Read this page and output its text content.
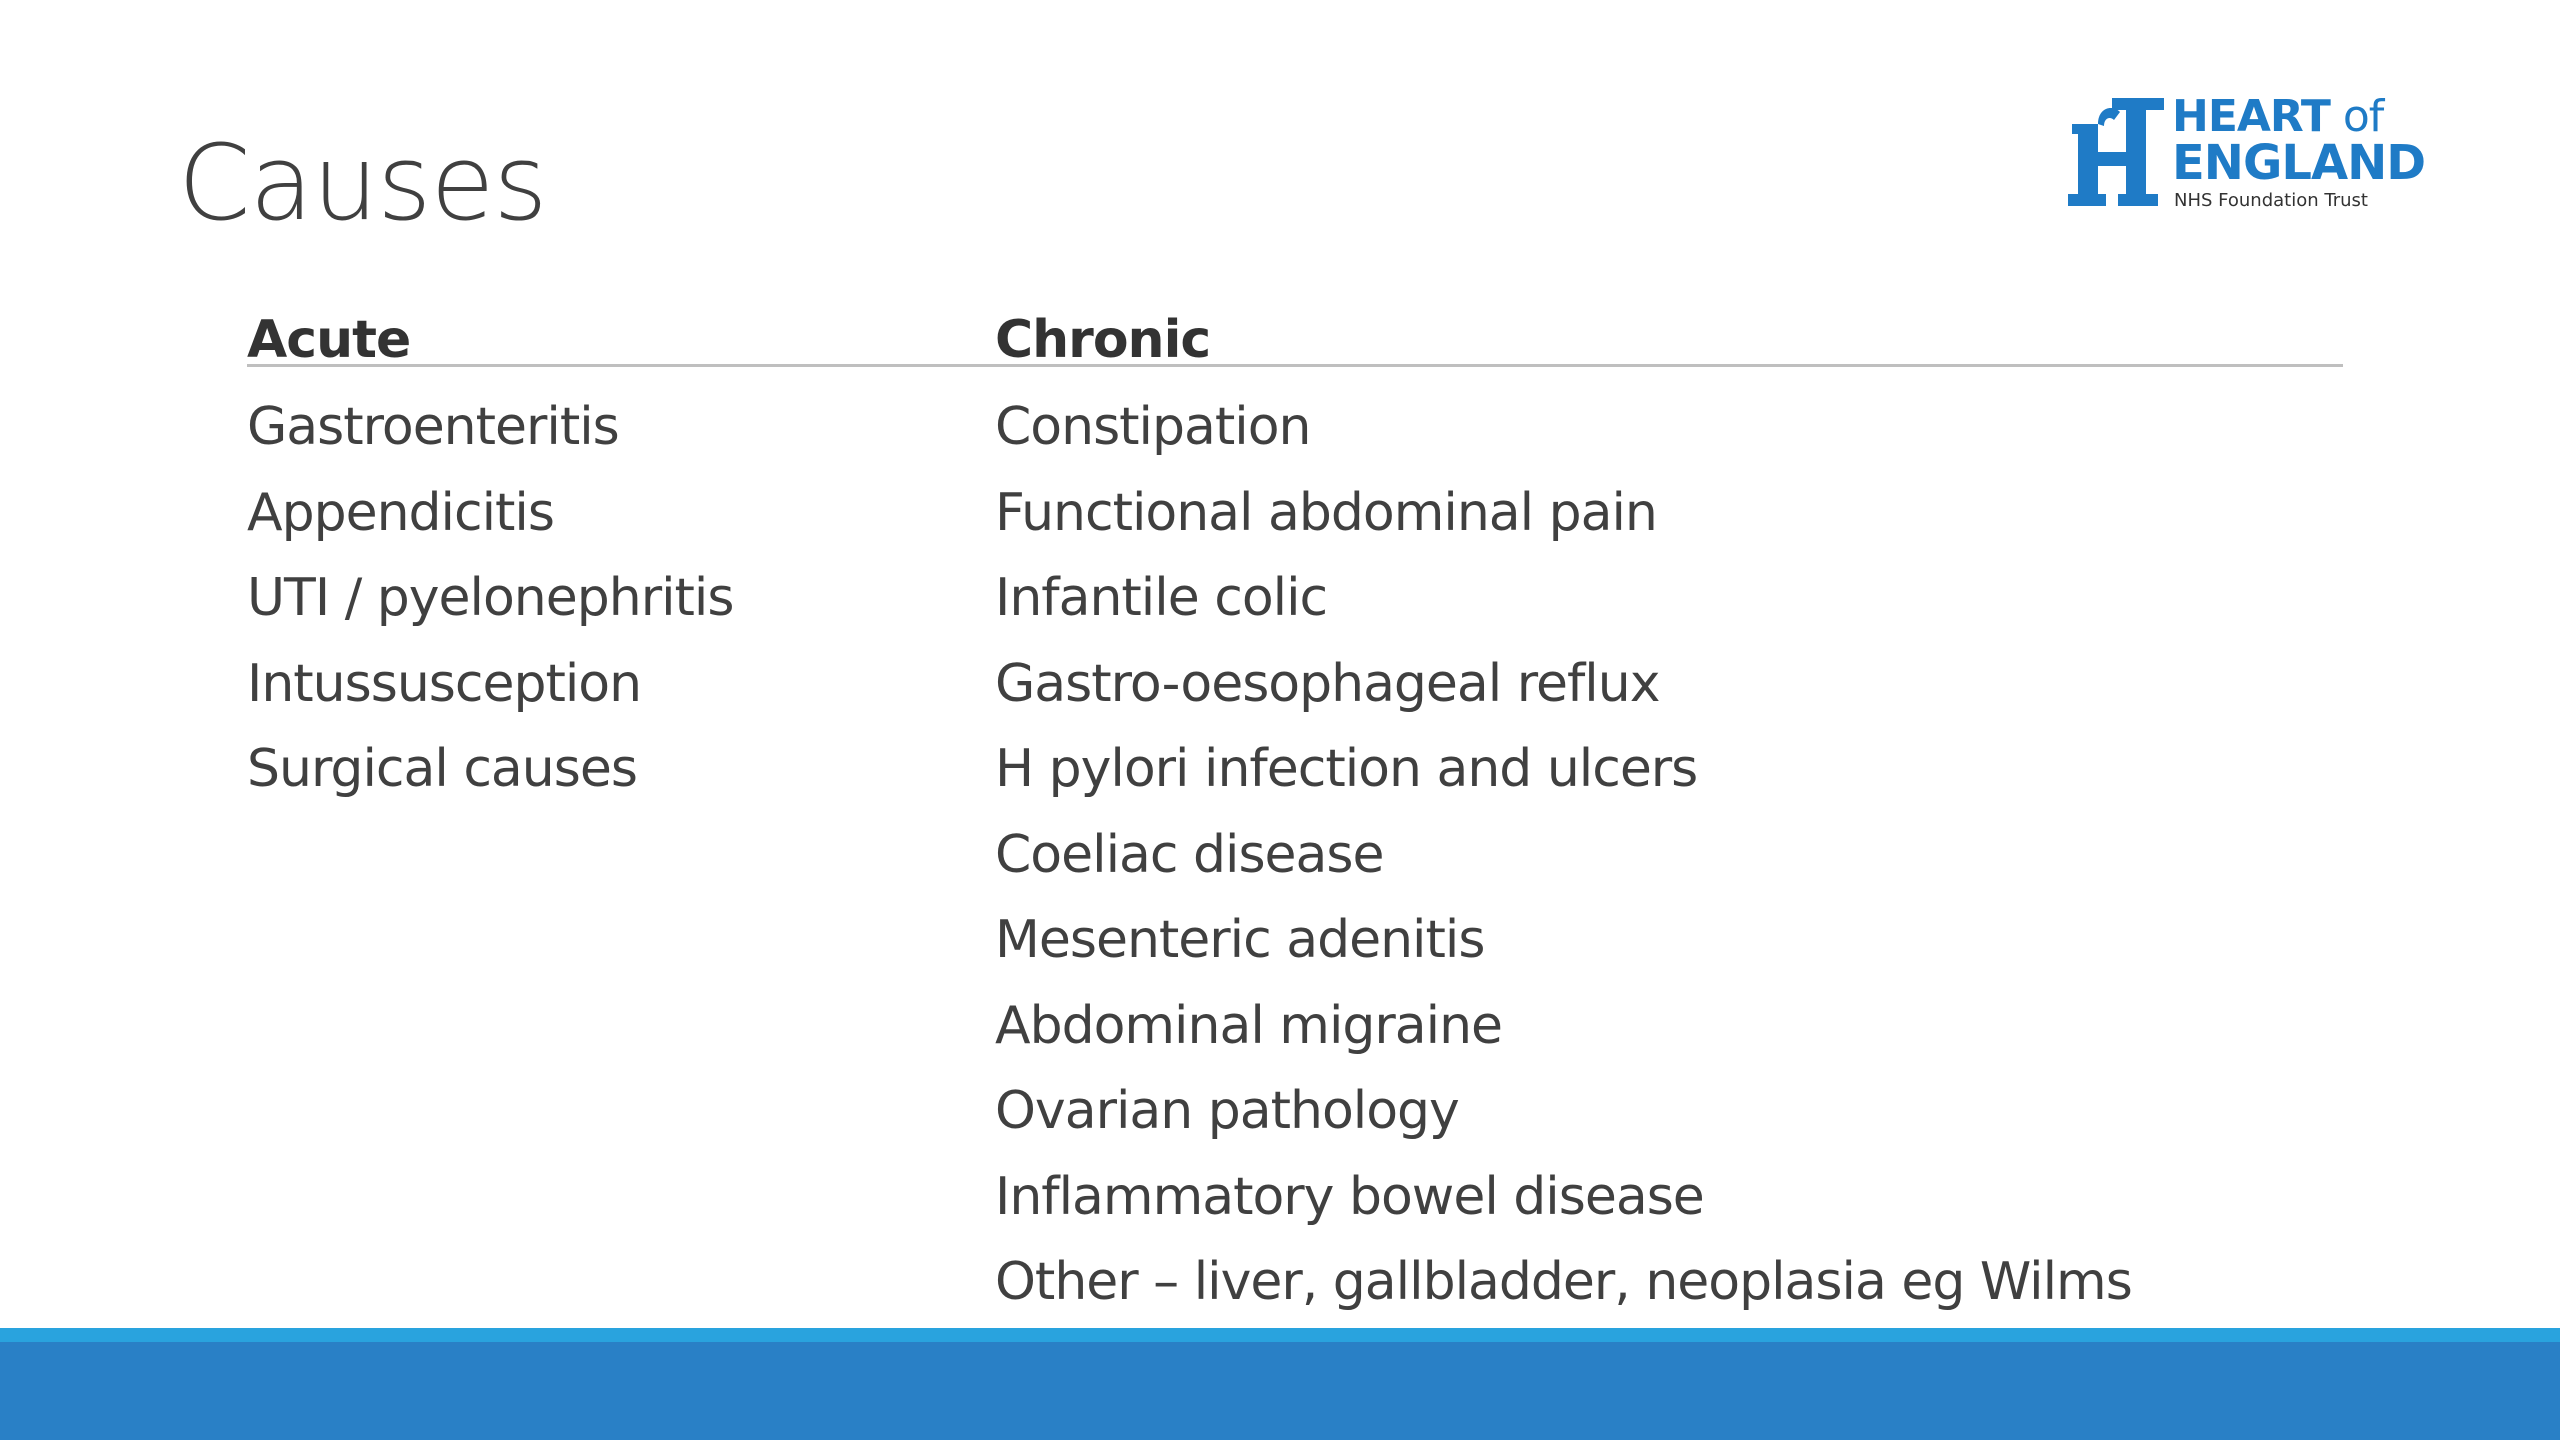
Causes
HEART of
ENGLAND
NHS Foundation Trust
Acute	Chronic
Gastroenteritis
Appendicitis
UTI / pyelonephritis
Intussusception
Surgical causes
Constipation
Functional abdominal pain
Infantile colic
Gastro-oesophageal reflux
H pylori infection and ulcers
Coeliac disease
Mesenteric adenitis
Abdominal migraine
Ovarian pathology
Inflammatory bowel disease
Other – liver, gallbladder, neoplasia eg Wilms
